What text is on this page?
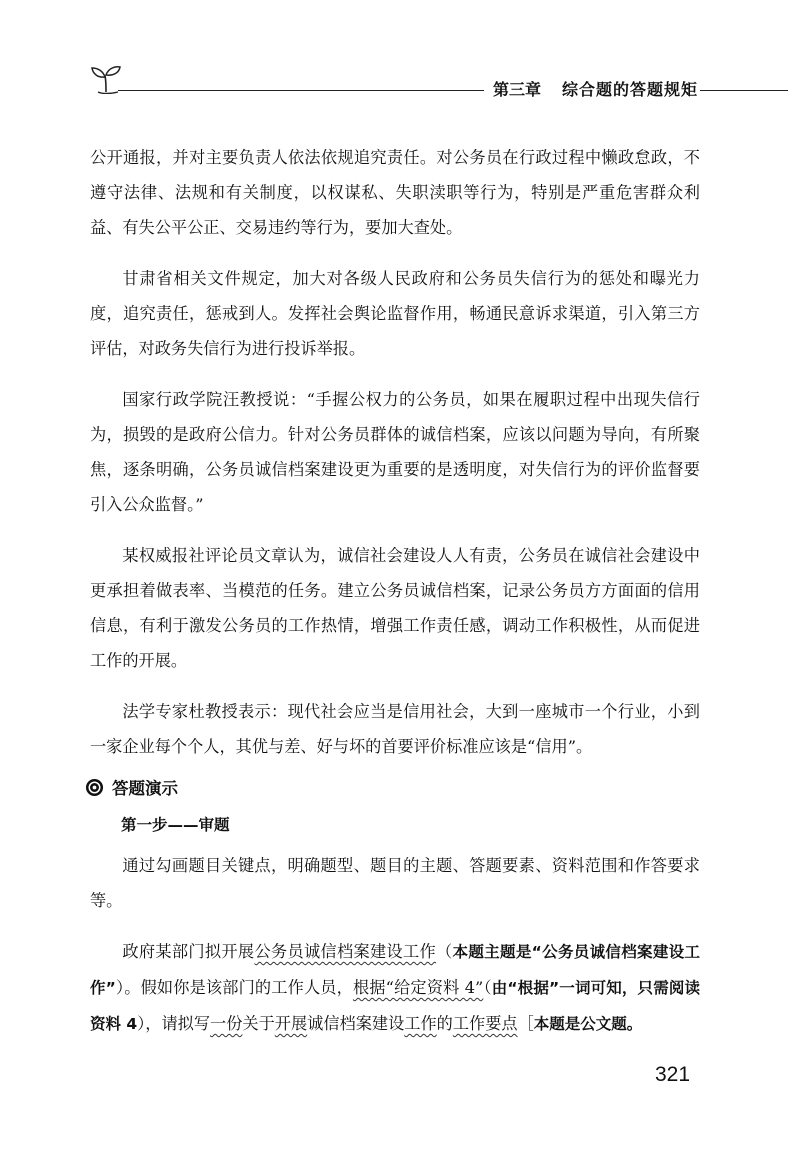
第三章 综合题的答题规矩

公开通报，并对主要负责人依法依规追究责任。对公务员在行政过程中懒政怠政，不遵守法律、法规和有关制度，以权谋私、失职渎职等行为，特别是严重危害群众利益、有失公平公正、交易违约等行为，要加大查处。

甘肃省相关文件规定，加大对各级人民政府和公务员失信行为的惩处和曝光力度，追究责任，惩戒到人。发挥社会舆论监督作用，畅通民意诉求渠道，引入第三方评估，对政务失信行为进行投诉举报。

国家行政学院汪教授说：“手握公权力的公务员，如果在履职过程中出现失信行为，损毁的是政府公信力。针对公务员群体的诚信档案，应该以问题为导向，有所聚焦，逐条明确，公务员诚信档案建设更为重要的是透明度，对失信行为的评价监督要引入公众监督。”

某权威报社评论员文章认为，诚信社会建设人人有责，公务员在诚信社会建设中更承担着做表率、当模范的任务。建立公务员诚信档案，记录公务员方方面面的信用信息，有利于激发公务员的工作热情，增强工作责任感，调动工作积极性，从而促进工作的开展。

法学专家杜教授表示：现代社会应当是信用社会，大到一座城市一个行业，小到一家企业每个个人，其优与差、好与坏的首要评价标准应该是“信用”。

答题演示
第一步——审题

通过勾画题目关键点，明确题型、题目的主题、答题要素、资料范围和作答要求等。

政府某部门拟开展公务员诚信档案建设工作（本题主题是“公务员诚信档案建设工作”）。假如你是该部门的工作人员，根据“给定资料 4”（由“根据”一词可知，只需阅读资料 4），请拟写一份关于开展诚信档案建设工作的工作要点［本题是公文题。

321
